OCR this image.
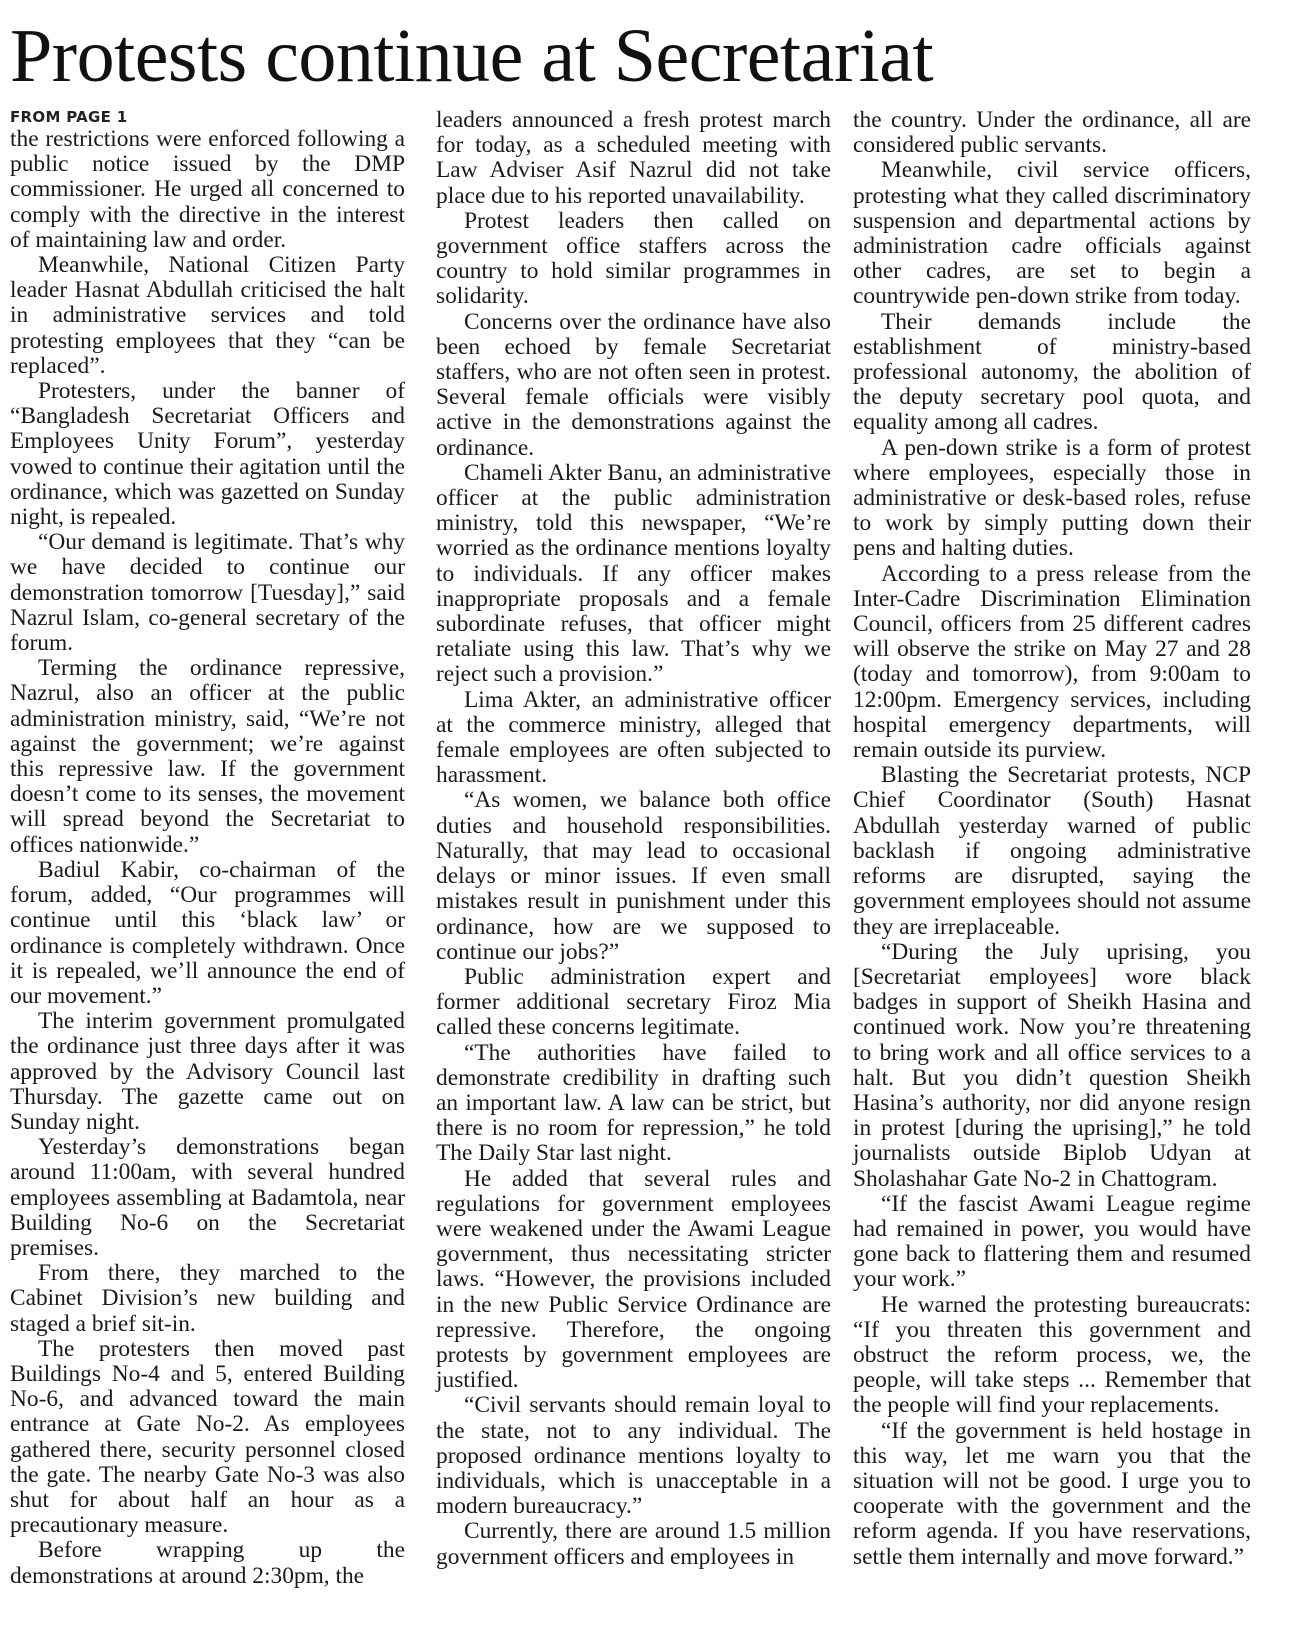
Protests continue at Secretariat
FROM PAGE 1

the restrictions were enforced following a public notice issued by the DMP commissioner. He urged all concerned to comply with the directive in the interest of maintaining law and order.

Meanwhile, National Citizen Party leader Hasnat Abdullah criticised the halt in administrative services and told protesting employees that they “can be replaced”.

Protesters, under the banner of “Bangladesh Secretariat Officers and Employees Unity Forum”, yesterday vowed to continue their agitation until the ordinance, which was gazetted on Sunday night, is repealed.

“Our demand is legitimate. That’s why we have decided to continue our demonstration tomorrow [Tuesday],” said Nazrul Islam, co-general secretary of the forum.

Terming the ordinance repressive, Nazrul, also an officer at the public administration ministry, said, “We’re not against the government; we’re against this repressive law. If the government doesn’t come to its senses, the movement will spread beyond the Secretariat to offices nationwide.”

Badiul Kabir, co-chairman of the forum, added, “Our programmes will continue until this ‘black law’ or ordinance is completely withdrawn. Once it is repealed, we’ll announce the end of our movement.”

The interim government promulgated the ordinance just three days after it was approved by the Advisory Council last Thursday. The gazette came out on Sunday night.

Yesterday’s demonstrations began around 11:00am, with several hundred employees assembling at Badamtola, near Building No-6 on the Secretariat premises.

From there, they marched to the Cabinet Division’s new building and staged a brief sit-in.

The protesters then moved past Buildings No-4 and 5, entered Building No-6, and advanced toward the main entrance at Gate No-2. As employees gathered there, security personnel closed the gate. The nearby Gate No-3 was also shut for about half an hour as a precautionary measure.

Before wrapping up the demonstrations at around 2:30pm, the

leaders announced a fresh protest march for today, as a scheduled meeting with Law Adviser Asif Nazrul did not take place due to his reported unavailability.

Protest leaders then called on government office staffers across the country to hold similar programmes in solidarity.

Concerns over the ordinance have also been echoed by female Secretariat staffers, who are not often seen in protest. Several female officials were visibly active in the demonstrations against the ordinance.

Chameli Akter Banu, an administrative officer at the public administration ministry, told this newspaper, “We’re worried as the ordinance mentions loyalty to individuals. If any officer makes inappropriate proposals and a female subordinate refuses, that officer might retaliate using this law. That’s why we reject such a provision.”

Lima Akter, an administrative officer at the commerce ministry, alleged that female employees are often subjected to harassment.

“As women, we balance both office duties and household responsibilities. Naturally, that may lead to occasional delays or minor issues. If even small mistakes result in punishment under this ordinance, how are we supposed to continue our jobs?”

Public administration expert and former additional secretary Firoz Mia called these concerns legitimate.

“The authorities have failed to demonstrate credibility in drafting such an important law. A law can be strict, but there is no room for repression,” he told The Daily Star last night.

He added that several rules and regulations for government employees were weakened under the Awami League government, thus necessitating stricter laws. “However, the provisions included in the new Public Service Ordinance are repressive. Therefore, the ongoing protests by government employees are justified.

“Civil servants should remain loyal to the state, not to any individual. The proposed ordinance mentions loyalty to individuals, which is unacceptable in a modern bureaucracy.”

Currently, there are around 1.5 million government officers and employees in

the country. Under the ordinance, all are considered public servants.

Meanwhile, civil service officers, protesting what they called discriminatory suspension and departmental actions by administration cadre officials against other cadres, are set to begin a countrywide pen-down strike from today.

Their demands include the establishment of ministry-based professional autonomy, the abolition of the deputy secretary pool quota, and equality among all cadres.

A pen-down strike is a form of protest where employees, especially those in administrative or desk-based roles, refuse to work by simply putting down their pens and halting duties.

According to a press release from the Inter-Cadre Discrimination Elimination Council, officers from 25 different cadres will observe the strike on May 27 and 28 (today and tomorrow), from 9:00am to 12:00pm. Emergency services, including hospital emergency departments, will remain outside its purview.

Blasting the Secretariat protests, NCP Chief Coordinator (South) Hasnat Abdullah yesterday warned of public backlash if ongoing administrative reforms are disrupted, saying the government employees should not assume they are irreplaceable.

“During the July uprising, you [Secretariat employees] wore black badges in support of Sheikh Hasina and continued work. Now you’re threatening to bring work and all office services to a halt. But you didn’t question Sheikh Hasina’s authority, nor did anyone resign in protest [during the uprising],” he told journalists outside Biplob Udyan at Sholashahar Gate No-2 in Chattogram.

“If the fascist Awami League regime had remained in power, you would have gone back to flattering them and resumed your work.”

He warned the protesting bureaucrats: “If you threaten this government and obstruct the reform process, we, the people, will take steps ... Remember that the people will find your replacements.

“If the government is held hostage in this way, let me warn you that the situation will not be good. I urge you to cooperate with the government and the reform agenda. If you have reservations, settle them internally and move forward.”
